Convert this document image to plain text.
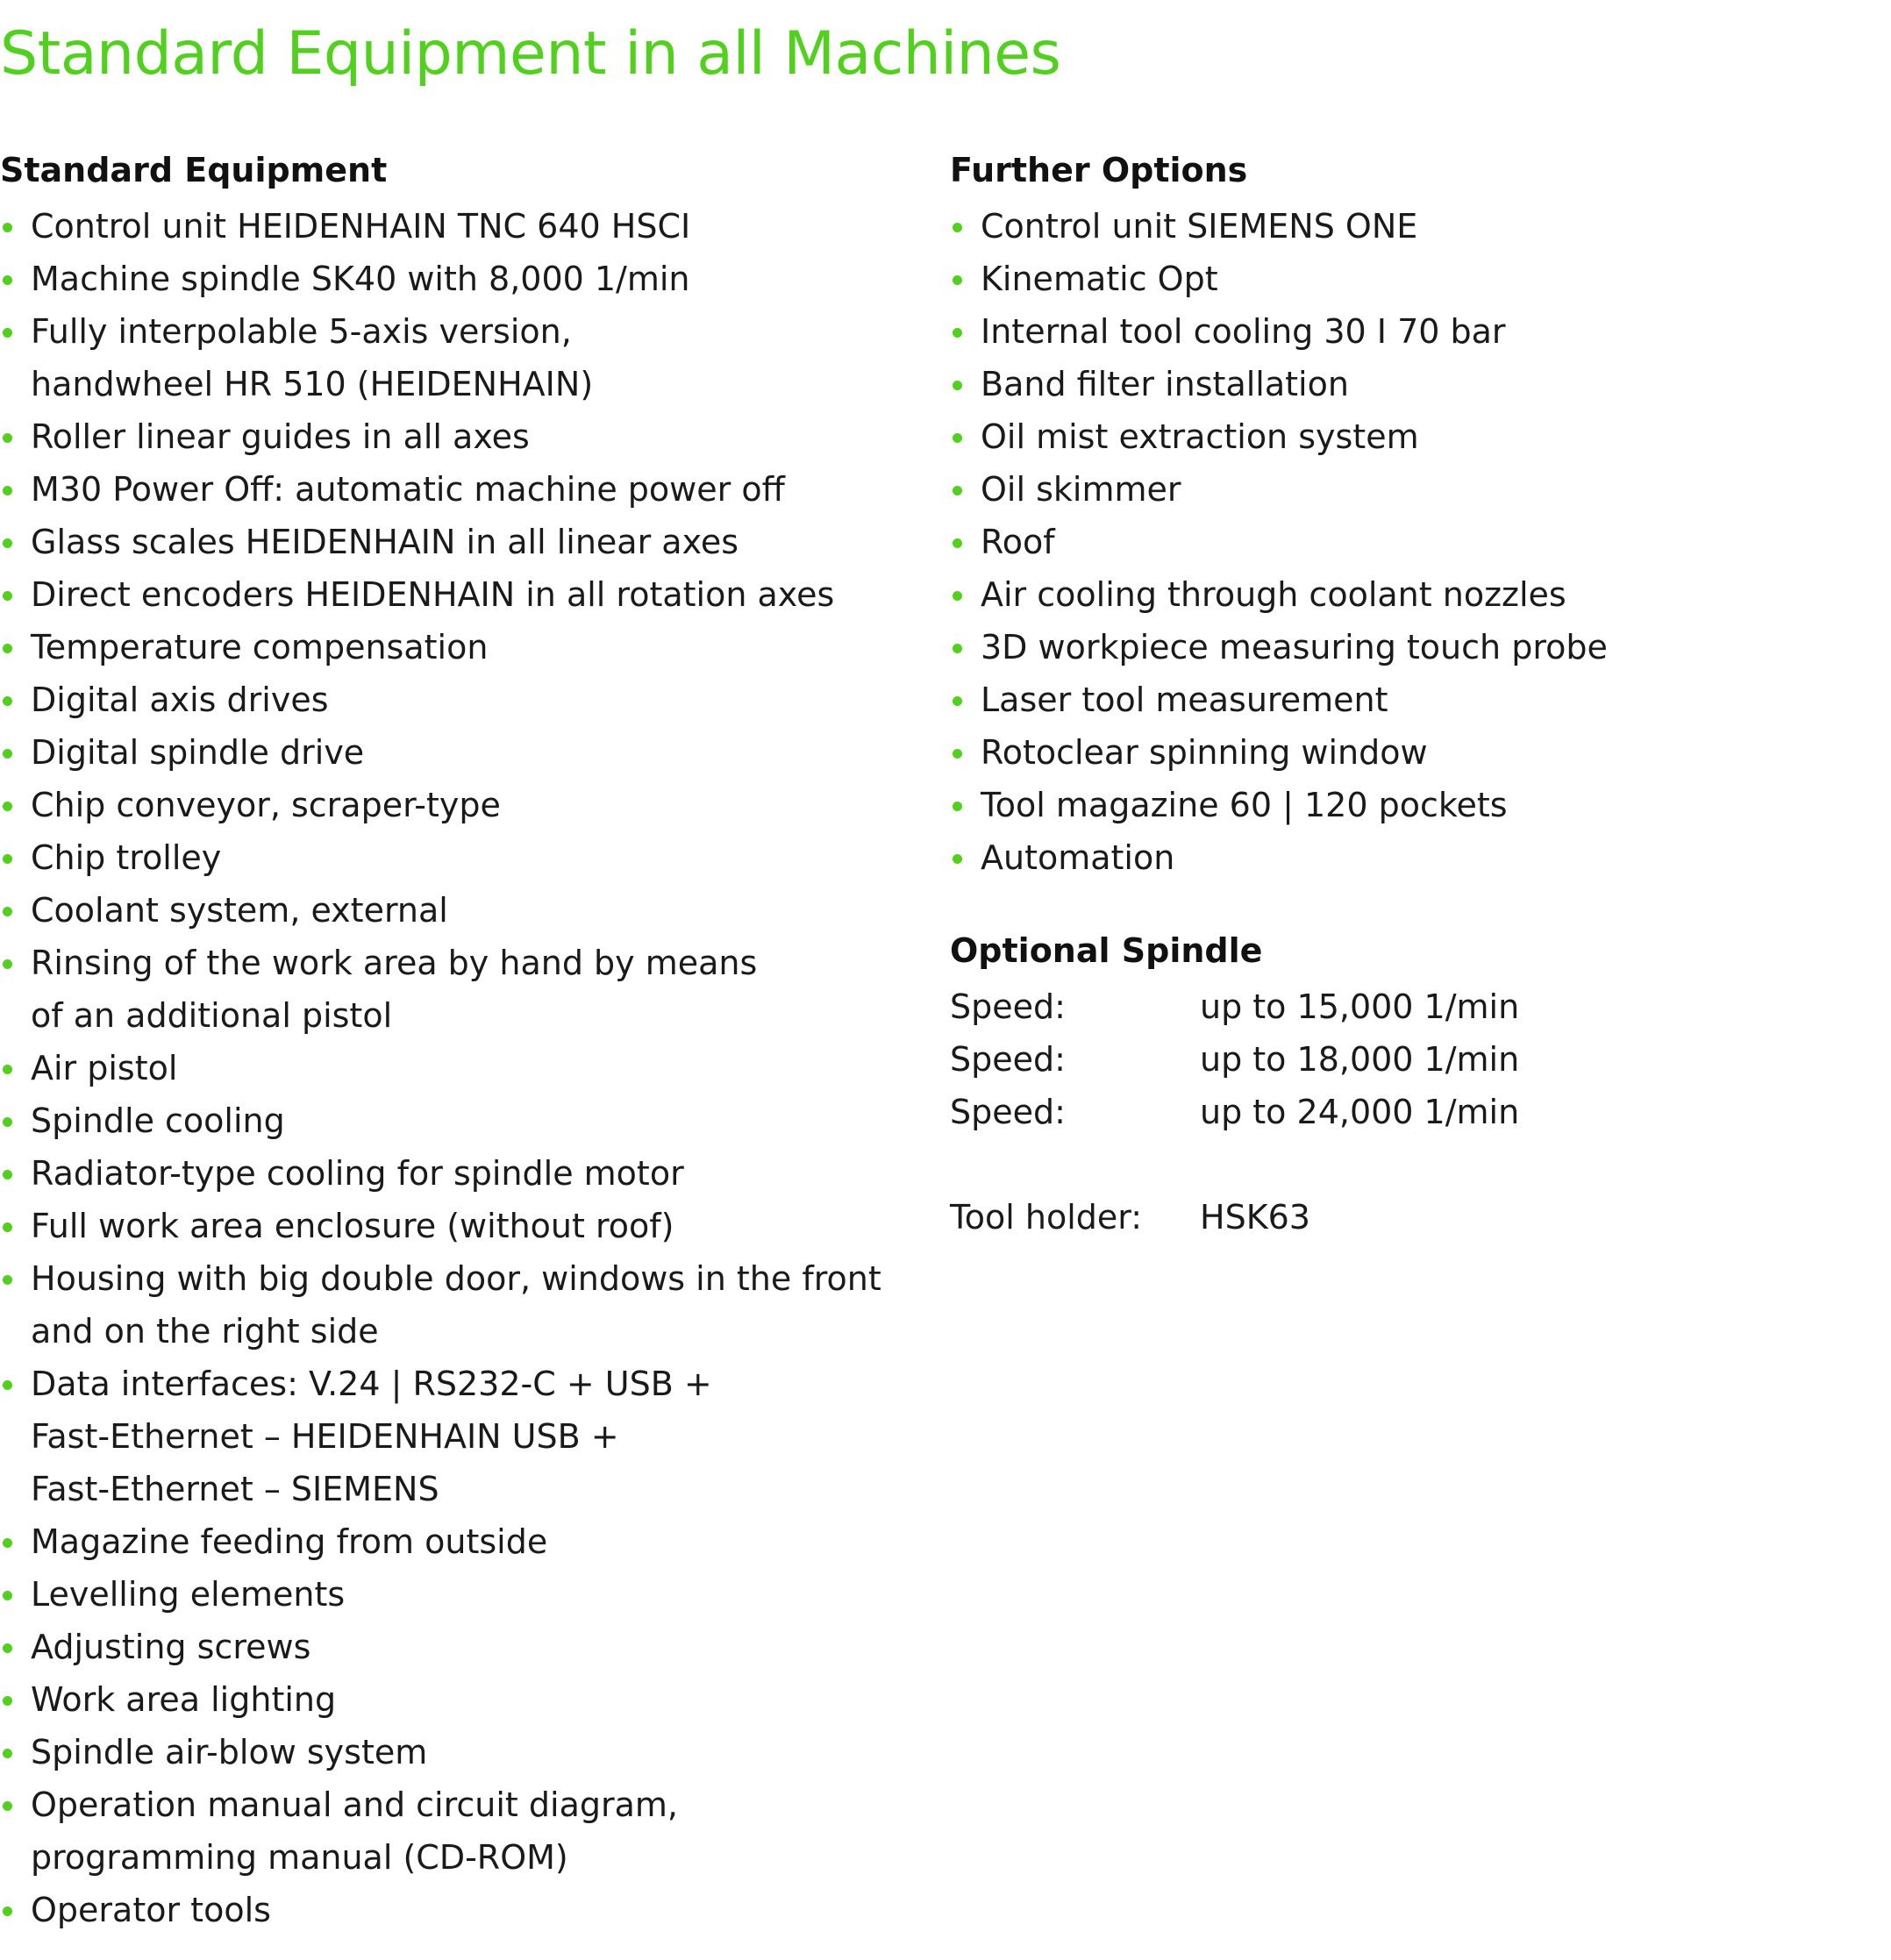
Standard Equipment in all Machines
Standard Equipment
Control unit HEIDENHAIN TNC 640 HSCI
Machine spindle SK40 with 8,000 1/min
Fully interpolable 5-axis version,
handwheel HR 510 (HEIDENHAIN)
Roller linear guides in all axes
M30 Power Off: automatic machine power off
Glass scales HEIDENHAIN in all linear axes
Direct encoders HEIDENHAIN in all rotation axes
Temperature compensation
Digital axis drives
Digital spindle drive
Chip conveyor, scraper-type
Chip trolley
Coolant system, external
Rinsing of the work area by hand by means
of an additional pistol
Air pistol
Spindle cooling
Radiator-type cooling for spindle motor
Full work area enclosure (without roof)
Housing with big double door, windows in the front
and on the right side
Data interfaces: V.24 | RS232-C + USB +
Fast-Ethernet – HEIDENHAIN USB +
Fast-Ethernet – SIEMENS
Magazine feeding from outside
Levelling elements
Adjusting screws
Work area lighting
Spindle air-blow system
Operation manual and circuit diagram,
programming manual (CD-ROM)
Operator tools
Further Options
Control unit SIEMENS ONE
Kinematic Opt
Internal tool cooling 30 I 70 bar
Band filter installation
Oil mist extraction system
Oil skimmer
Roof
Air cooling through coolant nozzles
3D workpiece measuring touch probe
Laser tool measurement
Rotoclear spinning window
Tool magazine 60 | 120 pockets
Automation
Optional Spindle
Speed:	up to 15,000 1/min
Speed:	up to 18,000 1/min
Speed:	up to 24,000 1/min
Tool holder: HSK63
